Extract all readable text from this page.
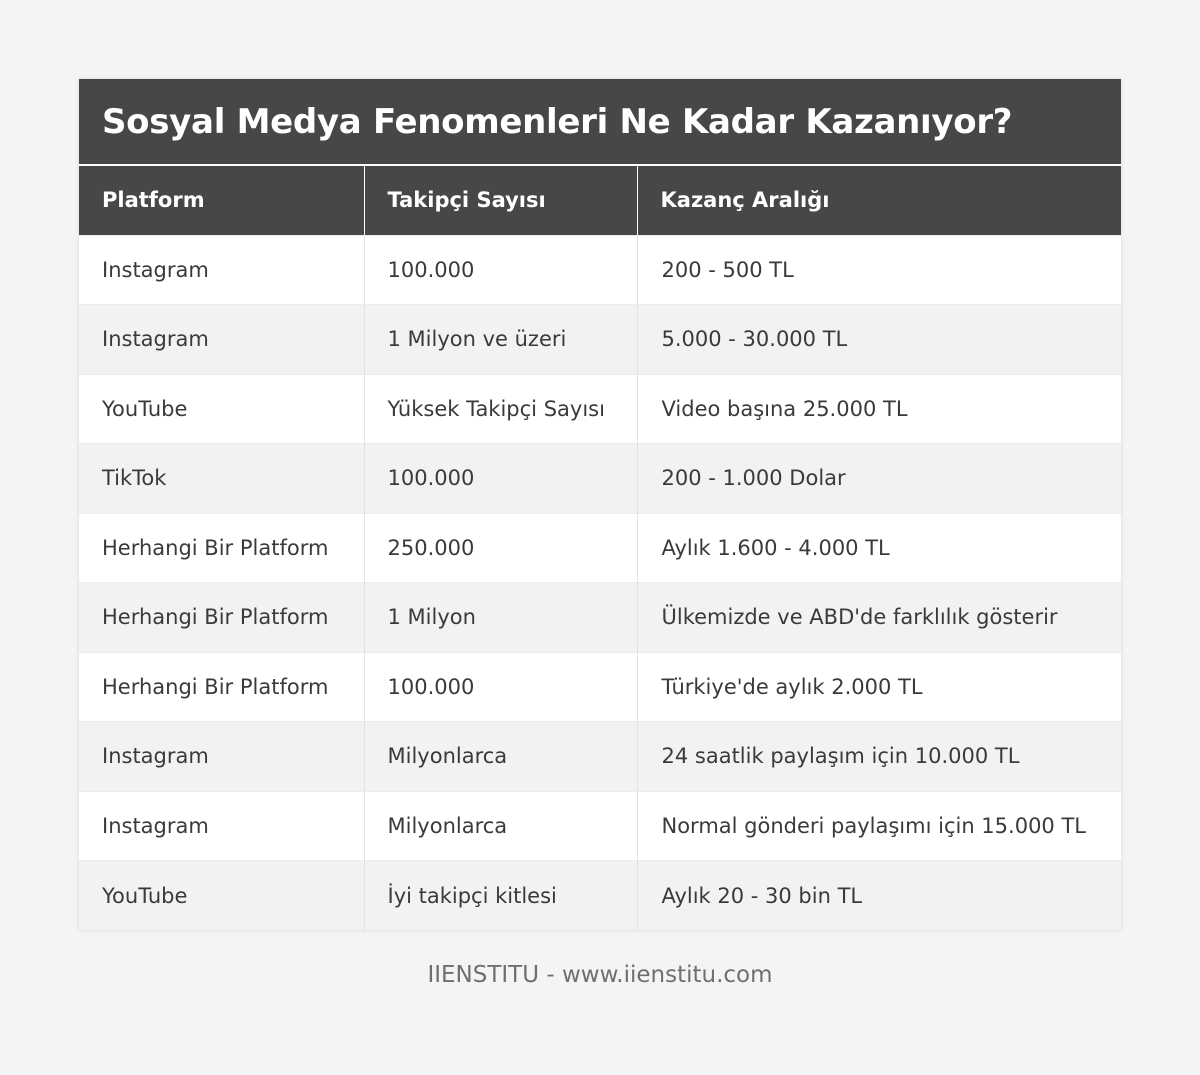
Sosyal Medya Fenomenleri Ne Kadar Kazanıyor?
Platform	Takipçi Sayısı	Kazanç Aralığı
Instagram	100.000	200 - 500 TL
Instagram	1 Milyon ve üzeri	5.000 - 30.000 TL
YouTube	Yüksek Takipçi Sayısı	Video başına 25.000 TL
TikTok	100.000	200 - 1.000 Dolar
Herhangi Bir Platform	250.000	Aylık 1.600 - 4.000 TL
Herhangi Bir Platform	1 Milyon	Ülkemizde ve ABD'de farklılık gösterir
Herhangi Bir Platform	100.000	Türkiye'de aylık 2.000 TL
Instagram	Milyonlarca	24 saatlik paylaşım için 10.000 TL
Instagram	Milyonlarca	Normal gönderi paylaşımı için 15.000 TL
YouTube	İyi takipçi kitlesi	Aylık 20 - 30 bin TL
IIENSTITU - www.iienstitu.com
